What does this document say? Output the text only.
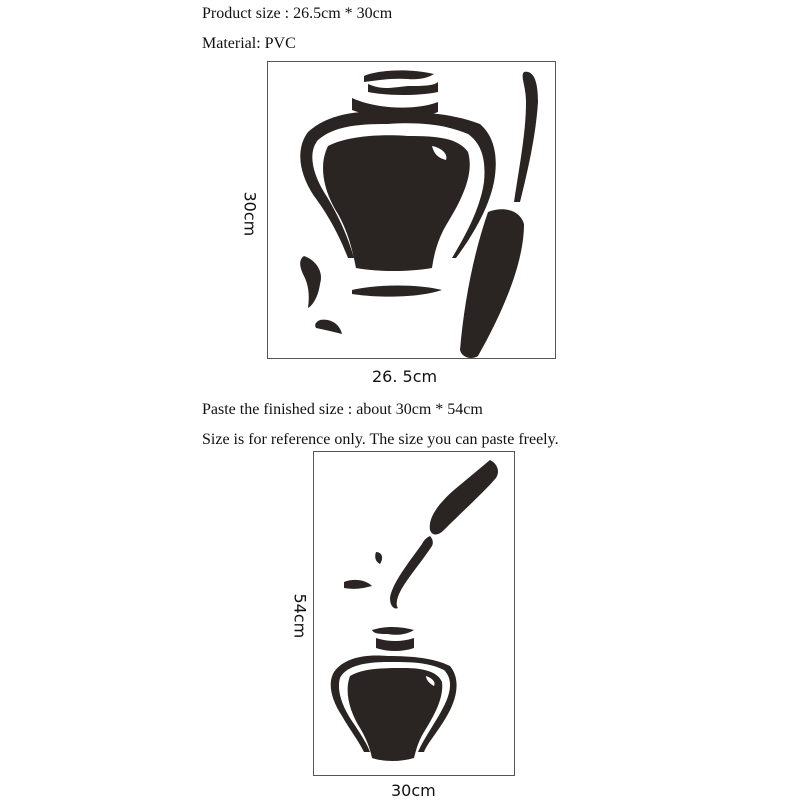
Product size : 26.5cm * 30cm
Material: PVC
30cm
26. 5cm
Paste the finished size : about 30cm * 54cm
Size is for reference only. The size you can paste freely.
54cm
30cm
